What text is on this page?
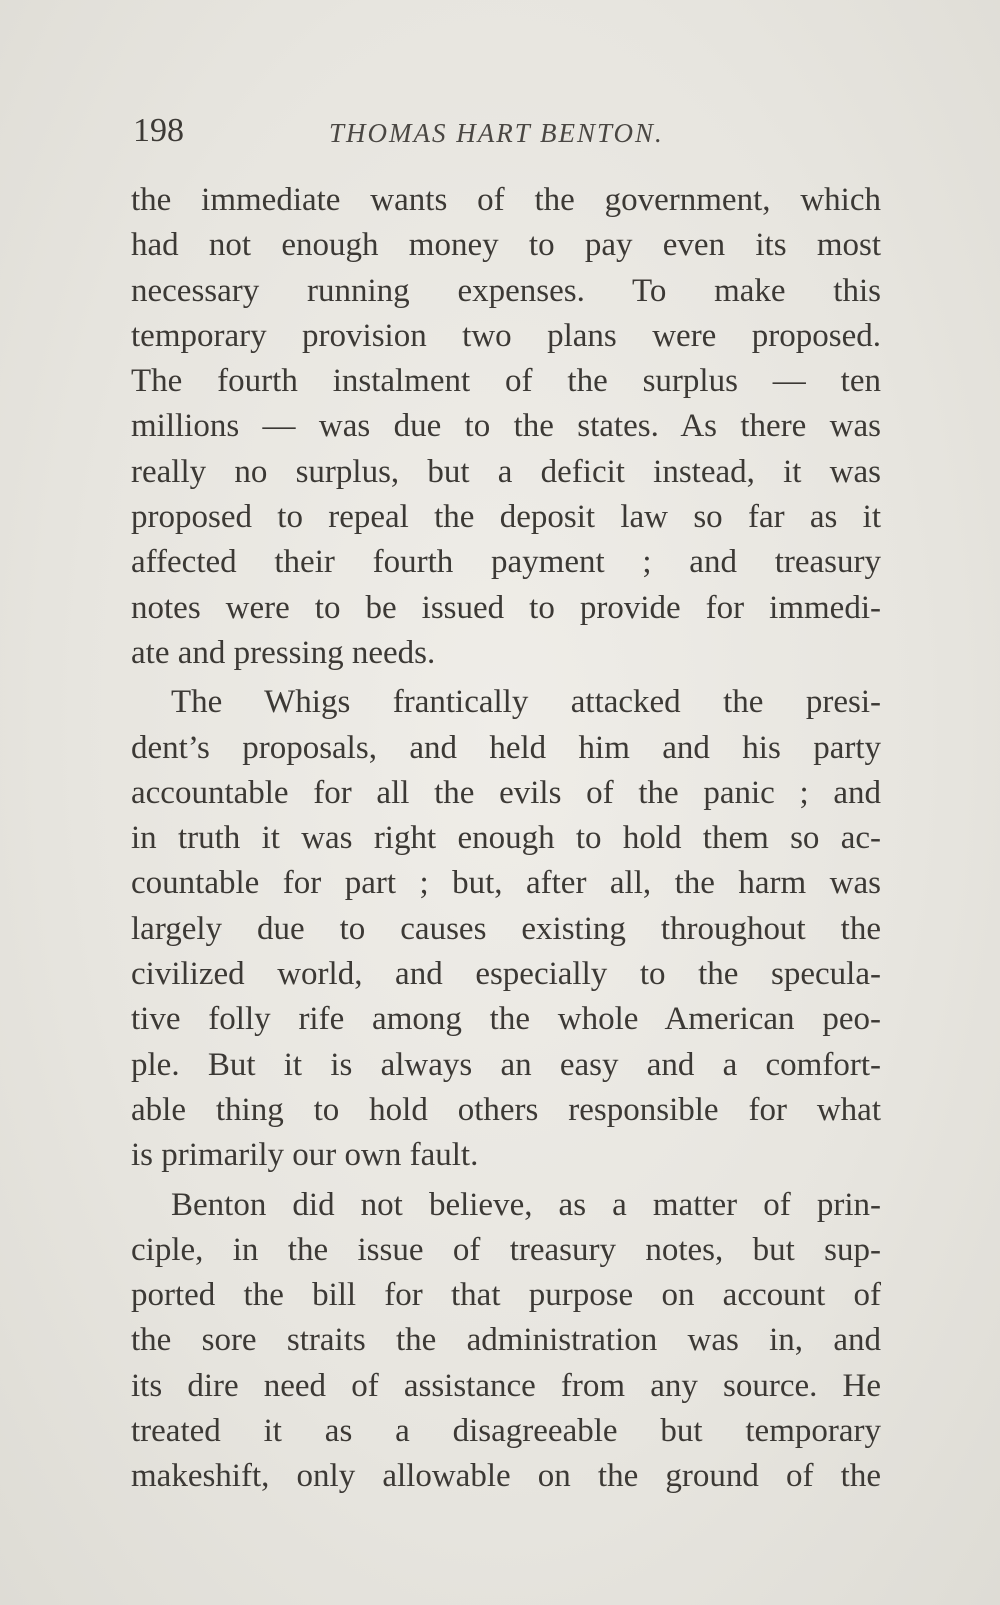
198	THOMAS HART BENTON.
the immediate wants of the government, which
had not enough money to pay even its most
necessary running expenses. To make this
temporary provision two plans were proposed.
The fourth instalment of the surplus — ten
millions — was due to the states. As there was
really no surplus, but a deficit instead, it was
proposed to repeal the deposit law so far as it
affected their fourth payment ; and treasury
notes were to be issued to provide for immedi-
ate and pressing needs.
The Whigs frantically attacked the presi-
dent’s proposals, and held him and his party
accountable for all the evils of the panic ; and
in truth it was right enough to hold them so ac-
countable for part ; but, after all, the harm was
largely due to causes existing throughout the
civilized world, and especially to the specula-
tive folly rife among the whole American peo-
ple. But it is always an easy and a comfort-
able thing to hold others responsible for what
is primarily our own fault.
Benton did not believe, as a matter of prin-
ciple, in the issue of treasury notes, but sup-
ported the bill for that purpose on account of
the sore straits the administration was in, and
its dire need of assistance from any source. He
treated it as a disagreeable but temporary
makeshift, only allowable on the ground of the
